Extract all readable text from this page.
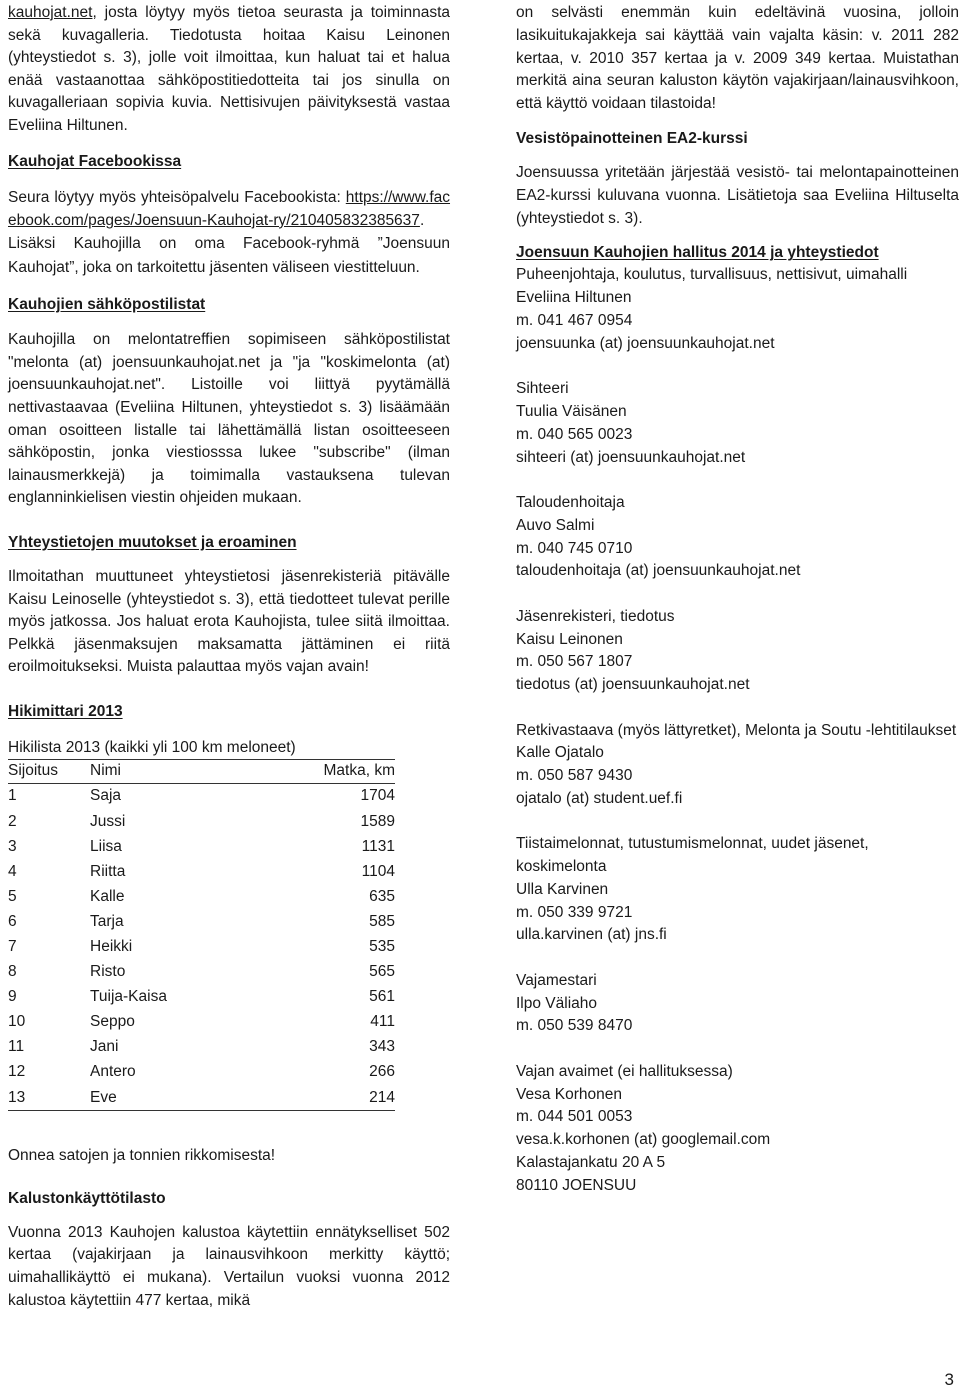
kauhojat.net, josta löytyy myös tietoa seurasta ja toiminnasta sekä kuvagalleria. Tiedotusta hoitaa Kaisu Leinonen (yhteystiedot s. 3), jolle voit ilmoittaa, kun haluat tai et halua enää vastaanottaa sähköpostitiedotteita tai jos sinulla on kuvagalleriaan sopivia kuvia. Nettisivujen päivityksestä vastaa Eveliina Hiltunen.

Kauhojat Facebookissa

Seura löytyy myös yhteisöpalvelu Facebookista: https://www.facebook.com/pages/Joensuun-Kauhojat-ry/210405832385637. Lisäksi Kauhojilla on oma Facebook-ryhmä ”Joensuun Kauhojat”, joka on tarkoitettu jäsenten väliseen viestitteluun.

Kauhojien sähköpostilistat

Kauhojilla on melontatreffien sopimiseen sähköpostilistat "melonta (at) joensuunkauhojat.net ja "ja "koskimelonta (at) joensuunkauhojat.net". Listoille voi liittyä pyytämällä nettivastaavaa (Eveliina Hiltunen, yhteystiedot s. 3) lisäämään oman osoitteen listalle tai lähettämällä listan osoitteeseen sähköpostin, jonka viestiosssa lukee "subscribe" (ilman lainausmerkkejä) ja toimimalla vastauksena tulevan englanninkielisen viestin ohjeiden mukaan.

Yhteystietojen muutokset ja eroaminen

Ilmoitathan muuttuneet yhteystietosi jäsenrekisteriä pitävälle Kaisu Leinoselle (yhteystiedot s. 3), että tiedotteet tulevat perille myös jatkossa. Jos haluat erota Kauhojista, tulee siitä ilmoittaa. Pelkkä jäsenmaksujen maksamatta jättäminen ei riitä eroilmoitukseksi. Muista palauttaa myös vajan avain!

Hikimittari 2013

Hikilista 2013 (kaikki yli 100 km meloneet)
Sijoitus	Nimi	Matka, km
1	Saja	1704
2	Jussi	1589
3	Liisa	1131
4	Riitta	1104
5	Kalle	635
6	Tarja	585
7	Heikki	535
8	Risto	565
9	Tuija-Kaisa	561
10	Seppo	411
11	Jani	343
12	Antero	266
13	Eve	214

Onnea satojen ja tonnien rikkomisesta!

Kalustonkäyttötilasto

Vuonna 2013 Kauhojen kalustoa käytettiin ennätykselliset 502 kertaa (vajakirjaan ja lainausvihkoon merkitty käyttö; uimahallikäyttö ei mukana). Vertailun vuoksi vuonna 2012 kalustoa käytettiin 477 kertaa, mikä

on selvästi enemmän kuin edeltävinä vuosina, jolloin lasikuitukajakkeja sai käyttää vain vajalta käsin: v. 2011 282 kertaa, v. 2010 357 kertaa ja v. 2009 349 kertaa. Muistathan merkitä aina seuran kaluston käytön vajakirjaan/lainausvihkoon, että käyttö voidaan tilastoida!

Vesistöpainotteinen EA2-kurssi

Joensuussa yritetään järjestää vesistö- tai melontapainotteinen EA2-kurssi kuluvana vuonna. Lisätietoja saa Eveliina Hiltuselta (yhteystiedot s. 3).

Joensuun Kauhojien hallitus 2014 ja yhteystiedot

Puheenjohtaja, koulutus, turvallisuus, nettisivut, uimahalli
Eveliina Hiltunen
m. 041 467 0954
joensuunka (at) joensuunkauhojat.net
Sihteeri
Tuulia Väisänen
m. 040 565 0023
sihteeri (at) joensuunkauhojat.net
Taloudenhoitaja
Auvo Salmi
m. 040 745 0710
taloudenhoitaja (at) joensuunkauhojat.net
Jäsenrekisteri, tiedotus
Kaisu Leinonen
m. 050 567 1807
tiedotus (at) joensuunkauhojat.net
Retkivastaava (myös lättyretket), Melonta ja Soutu -lehtitilaukset
Kalle Ojatalo
m. 050 587 9430
ojatalo (at) student.uef.fi
Tiistaimelonnat, tutustumismelonnat, uudet jäsenet, koskimelonta
Ulla Karvinen
m. 050 339 9721
ulla.karvinen (at) jns.fi
Vajamestari
Ilpo Väliaho
m. 050 539 8470
Vajan avaimet (ei hallituksessa)
Vesa Korhonen
m. 044 501 0053
vesa.k.korhonen (at) googlemail.com
Kalastajankatu 20 A 5
80110 JOENSUU
3
